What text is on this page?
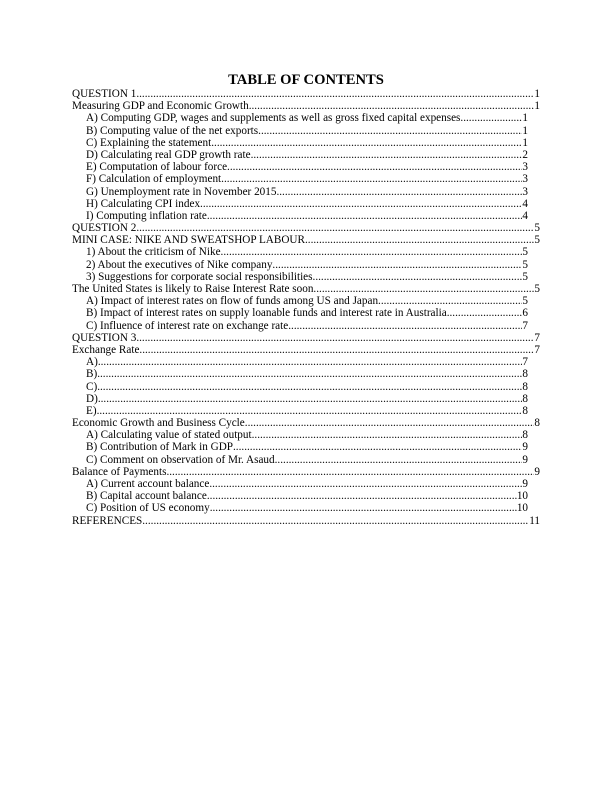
TABLE OF CONTENTS
QUESTION 1 .....	1
Measuring GDP and Economic Growth .....	1
A) Computing GDP, wages and supplements as well as gross fixed capital expenses .....	1
B) Computing value of the net exports .....	1
C) Explaining the statement .....	1
D) Calculating real GDP growth rate .....	2
E) Computation of labour force .....	3
F) Calculation of employment .....	3
G) Unemployment rate in November 2015 .....	3
H) Calculating CPI index .....	4
I) Computing inflation rate .....	4
QUESTION 2 .....	5
MINI CASE: NIKE AND SWEATSHOP LABOUR .....	5
1) About the criticism of Nike .....	5
2) About the executives of Nike company .....	5
3) Suggestions for corporate social responsibilities .....	5
The United States is likely to Raise Interest Rate soon .....	5
A) Impact of interest rates on flow of funds among US and Japan .....	5
B) Impact of interest rates on supply loanable funds and interest rate in Australia .....	6
C) Influence of interest rate on exchange rate .....	7
QUESTION 3 .....	7
Exchange Rate .....	7
A) .....	7
B) .....	8
C) .....	8
D) .....	8
E) .....	8
Economic Growth and Business Cycle .....	8
A) Calculating value of stated output .....	8
B) Contribution of Mark in GDP .....	9
C) Comment on observation of Mr. Asaud .....	9
Balance of Payments .....	9
A) Current account balance .....	9
B) Capital account balance .....	10
C) Position of US economy .....	10
REFERENCES .....	11
